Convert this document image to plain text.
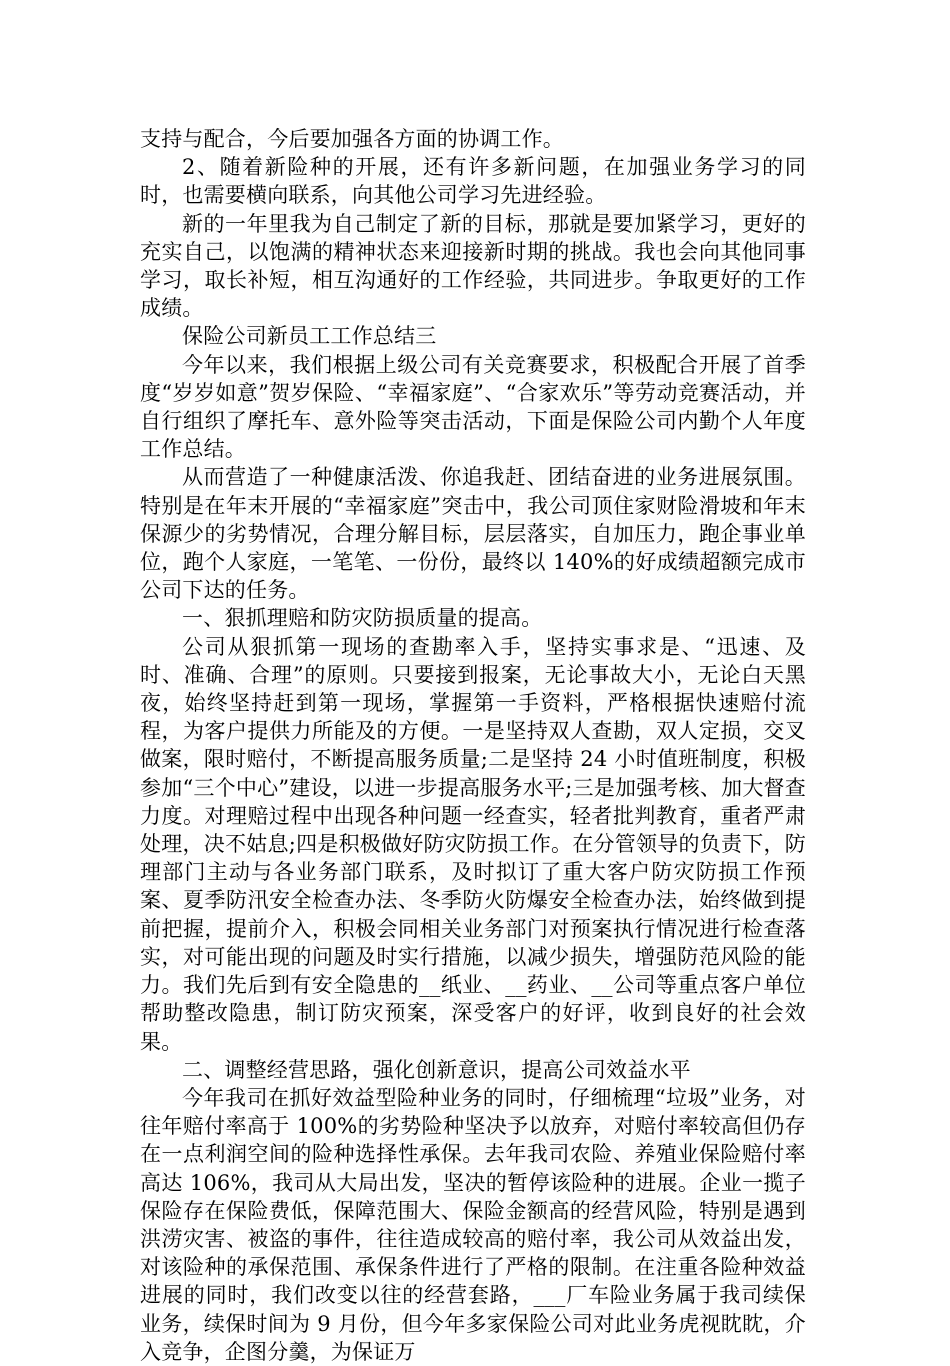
支持与配合，今后要加强各方面的协调工作。

2、随着新险种的开展，还有许多新问题，在加强业务学习的同时，也需要横向联系，向其他公司学习先进经验。

新的一年里我为自己制定了新的目标，那就是要加紧学习，更好的充实自己，以饱满的精神状态来迎接新时期的挑战。我也会向其他同事学习，取长补短，相互沟通好的工作经验，共同进步。争取更好的工作成绩。

保险公司新员工工作总结三

今年以来，我们根据上级公司有关竞赛要求，积极配合开展了首季度“岁岁如意”贺岁保险、“幸福家庭”、“合家欢乐”等劳动竞赛活动，并自行组织了摩托车、意外险等突击活动，下面是保险公司内勤个人年度工作总结。

从而营造了一种健康活泼、你追我赶、团结奋进的业务进展氛围。特别是在年末开展的“幸福家庭”突击中，我公司顶住家财险滑坡和年末保源少的劣势情况，合理分解目标，层层落实，自加压力，跑企事业单位，跑个人家庭，一笔笔、一份份，最终以 140%的好成绩超额完成市公司下达的任务。

一、狠抓理赔和防灾防损质量的提高。

公司从狠抓第一现场的查勘率入手，坚持实事求是、“迅速、及时、准确、合理”的原则。只要接到报案，无论事故大小，无论白天黑夜，始终坚持赶到第一现场，掌握第一手资料，严格根据快速赔付流程，为客户提供力所能及的方便。一是坚持双人查勘，双人定损，交叉做案，限时赔付，不断提高服务质量;二是坚持 24 小时值班制度，积极参加“三个中心”建设，以进一步提高服务水平;三是加强考核、加大督查力度。对理赔过程中出现各种问题一经查实，轻者批判教育，重者严肃处理，决不姑息;四是积极做好防灾防损工作。在分管领导的负责下，防理部门主动与各业务部门联系，及时拟订了重大客户防灾防损工作预案、夏季防汛安全检查办法、冬季防火防爆安全检查办法，始终做到提前把握，提前介入，积极会同相关业务部门对预案执行情况进行检查落实，对可能出现的问题及时实行措施，以减少损失，增强防范风险的能力。我们先后到有安全隐患的__纸业、__药业、__公司等重点客户单位帮助整改隐患，制订防灾预案，深受客户的好评，收到良好的社会效果。

二、调整经营思路，强化创新意识，提高公司效益水平

今年我司在抓好效益型险种业务的同时，仔细梳理“垃圾”业务，对往年赔付率高于 100%的劣势险种坚决予以放弃，对赔付率较高但仍存在一点利润空间的险种选择性承保。去年我司农险、养殖业保险赔付率高达 106%，我司从大局出发，坚决的暂停该险种的进展。企业一揽子保险存在保险费低，保障范围大、保险金额高的经营风险，特别是遇到洪涝灾害、被盗的事件，往往造成较高的赔付率，我公司从效益出发，对该险种的承保范围、承保条件进行了严格的限制。在注重各险种效益进展的同时，我们改变以往的经营套路，___厂车险业务属于我司续保业务，续保时间为 9 月份，但今年多家保险公司对此业务虎视眈眈，介入竞争，企图分羹，为保证万
